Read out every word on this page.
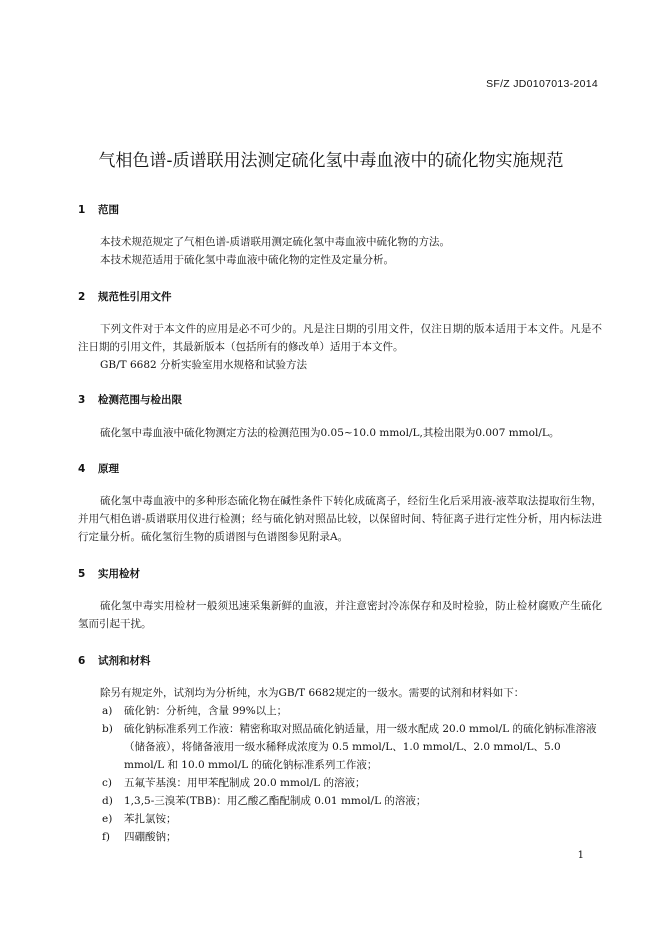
SF/Z JD0107013-2014
气相色谱-质谱联用法测定硫化氢中毒血液中的硫化物实施规范
1 范围
本技术规范规定了气相色谱-质谱联用测定硫化氢中毒血液中硫化物的方法。
本技术规范适用于硫化氢中毒血液中硫化物的定性及定量分析。
2 规范性引用文件
下列文件对于本文件的应用是必不可少的。凡是注日期的引用文件，仅注日期的版本适用于本文件。凡是不注日期的引用文件，其最新版本（包括所有的修改单）适用于本文件。
GB/T 6682 分析实验室用水规格和试验方法
3 检测范围与检出限
硫化氢中毒血液中硫化物测定方法的检测范围为0.05~10.0 mmol/L,其检出限为0.007 mmol/L。
4 原理
硫化氢中毒血液中的多种形态硫化物在碱性条件下转化成硫离子，经衍生化后采用液-液萃取法提取衍生物，并用气相色谱-质谱联用仪进行检测；经与硫化钠对照品比较，以保留时间、特征离子进行定性分析，用内标法进行定量分析。硫化氢衍生物的质谱图与色谱图参见附录A。
5 实用检材
硫化氢中毒实用检材一般须迅速采集新鲜的血液，并注意密封冷冻保存和及时检验，防止检材腐败产生硫化氢而引起干扰。
6 试剂和材料
除另有规定外，试剂均为分析纯，水为GB/T 6682规定的一级水。需要的试剂和材料如下：
a)	硫化钠：分析纯，含量 99%以上；
b)	硫化钠标准系列工作液：精密称取对照品硫化钠适量，用一级水配成 20.0 mmol/L 的硫化钠标准溶液（储备液），将储备液用一级水稀释成浓度为 0.5 mmol/L、1.0 mmol/L、2.0 mmol/L、5.0 mmol/L 和 10.0 mmol/L 的硫化钠标准系列工作液；
c)	五氟苄基溴：用甲苯配制成 20.0 mmol/L 的溶液；
d)	1,3,5-三溴苯(TBB)：用乙酸乙酯配制成 0.01 mmol/L 的溶液；
e)	苯扎氯铵；
f)	四硼酸钠；
1
